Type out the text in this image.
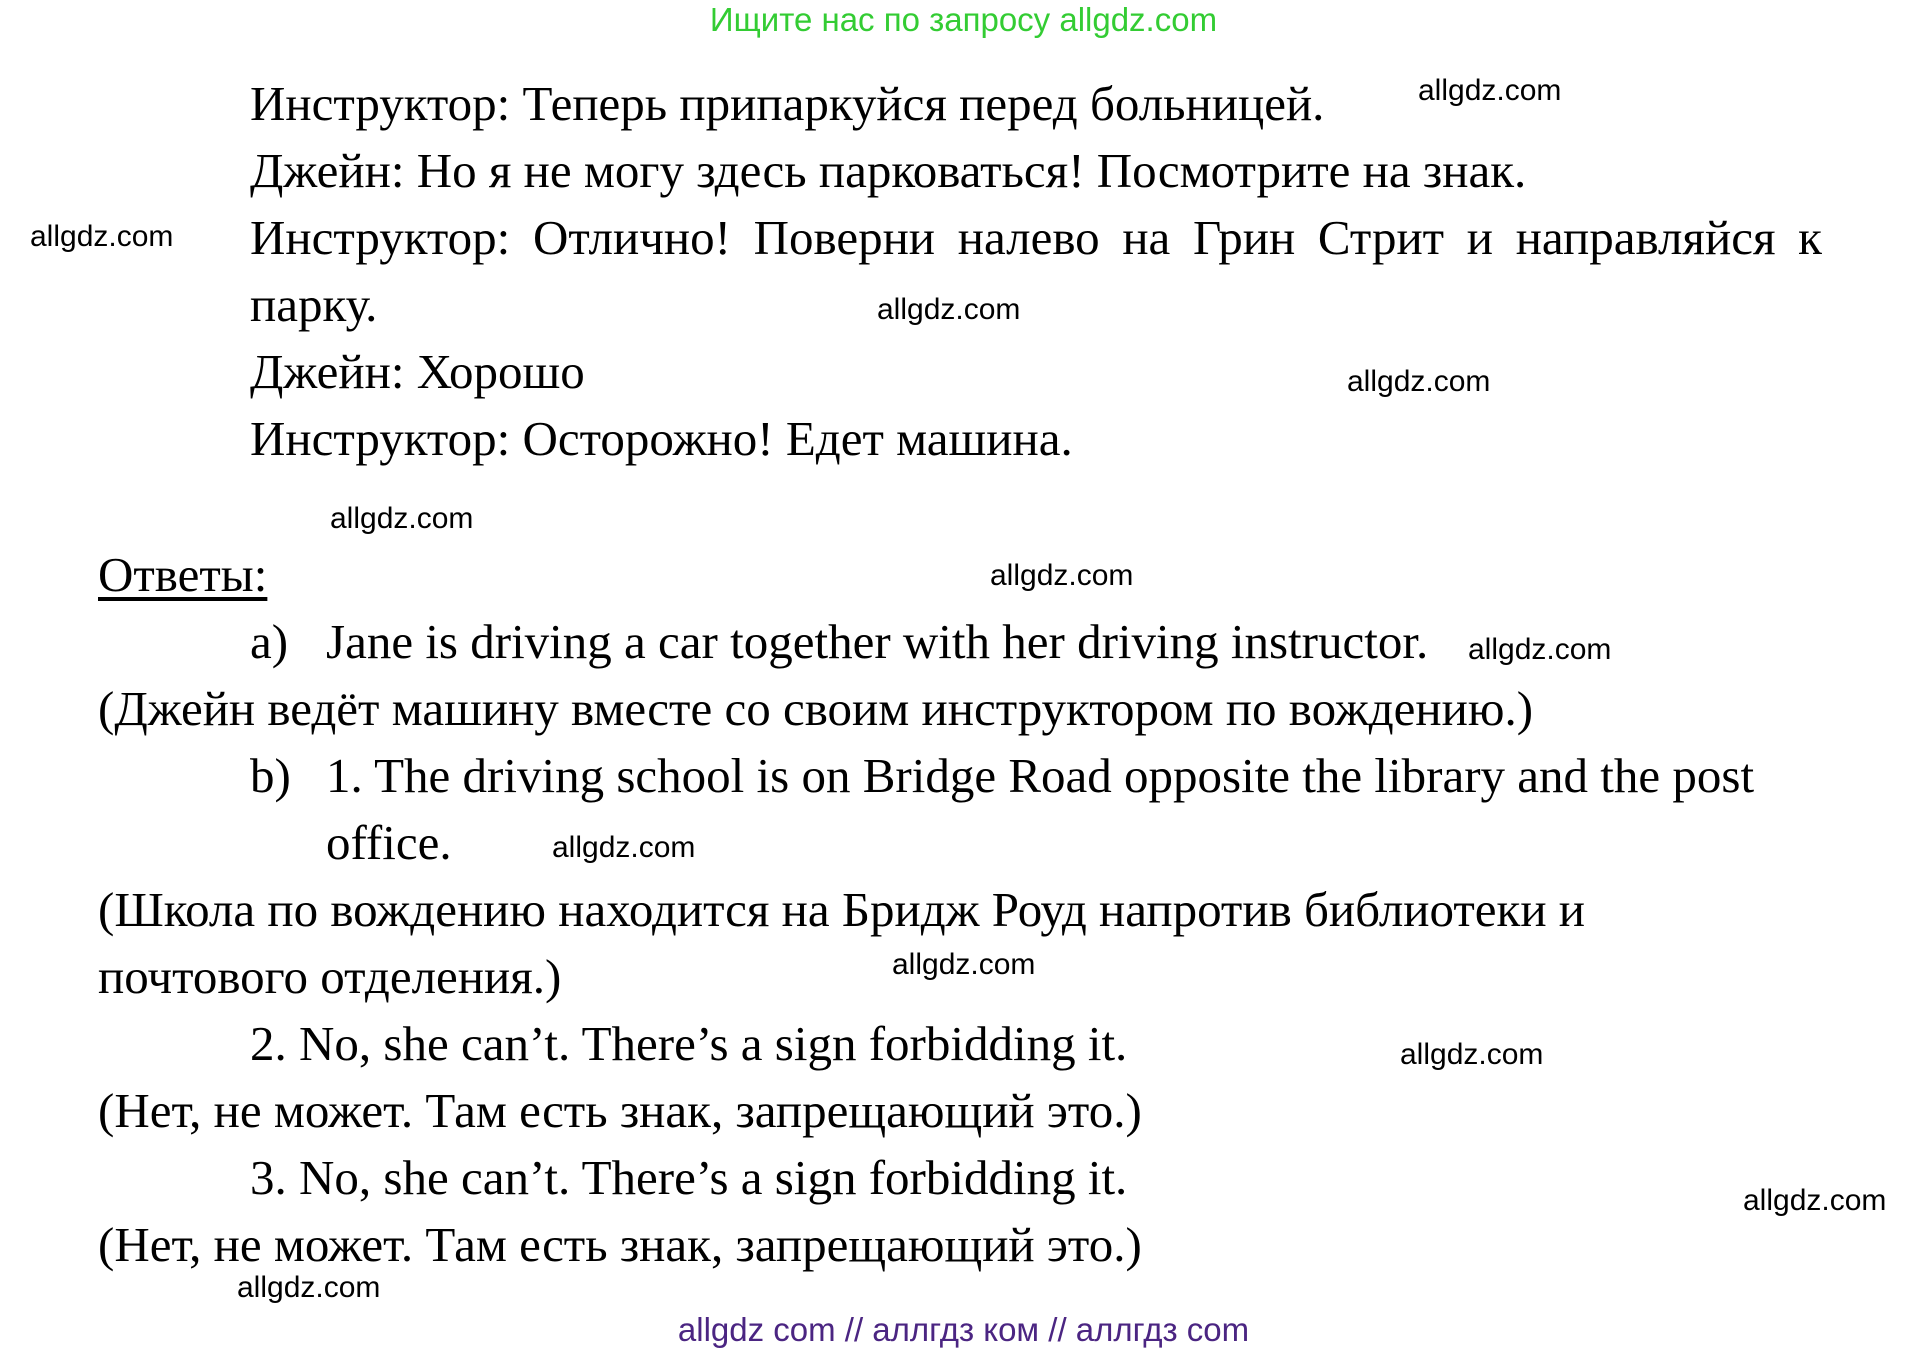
Ищите нас по запросу allgdz.com
Инструктор: Теперь припаркуйся перед больницей.
Джейн: Но я не могу здесь парковаться! Посмотрите на знак.
Инструктор: Отлично! Поверни налево на Грин Стрит и направляйся к
парку.
Джейн: Хорошо
Инструктор: Осторожно! Едет машина.
Ответы:
a) Jane is driving a car together with her driving instructor.
(Джейн ведёт машину вместе со своим инструктором по вождению.)
b) 1. The driving school is on Bridge Road opposite the library and the post
office.
(Школа по вождению находится на Бридж Роуд напротив библиотеки и
почтового отделения.)
2. No, she can’t. There’s a sign forbidding it.
(Нет, не может. Там есть знак, запрещающий это.)
3. No, she can’t. There’s a sign forbidding it.
(Нет, не может. Там есть знак, запрещающий это.)
allgdz.com
allgdz.com
allgdz.com
allgdz.com
allgdz.com
allgdz.com
allgdz.com
allgdz.com
allgdz.com
allgdz.com
allgdz.com
allgdz.com
allgdz com // аллгдз ком // аллгдз com
